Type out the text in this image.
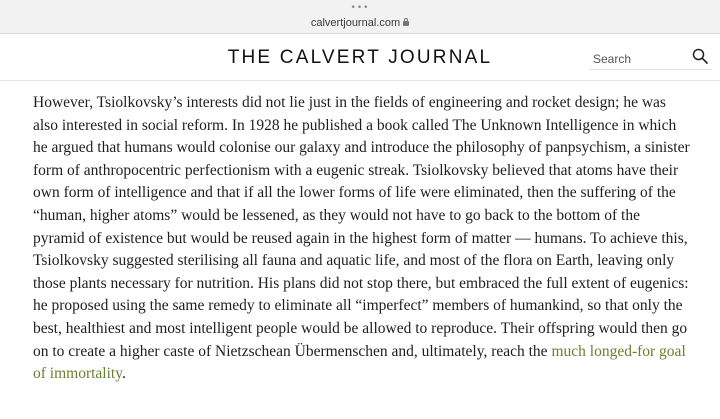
•••
calvertjournal.com
THE CALVERT JOURNAL
Search

However, Tsiolkovsky’s interests did not lie just in the fields of engineering and rocket design; he was also interested in social reform. In 1928 he published a book called The Unknown Intelligence in which he argued that humans would colonise our galaxy and introduce the philosophy of panpsychism, a sinister form of anthropocentric perfectionism with a eugenic streak. Tsiolkovsky believed that atoms have their own form of intelligence and that if all the lower forms of life were eliminated, then the suffering of the “human, higher atoms” would be lessened, as they would not have to go back to the bottom of the pyramid of existence but would be reused again in the highest form of matter — humans. To achieve this, Tsiolkovsky suggested sterilising all fauna and aquatic life, and most of the flora on Earth, leaving only those plants necessary for nutrition. His plans did not stop there, but embraced the full extent of eugenics: he proposed using the same remedy to eliminate all “imperfect” members of humankind, so that only the best, healthiest and most intelligent people would be allowed to reproduce. Their offspring would then go on to create a higher caste of Nietzschean Übermenschen and, ultimately, reach the much longed-for goal of immortality.
